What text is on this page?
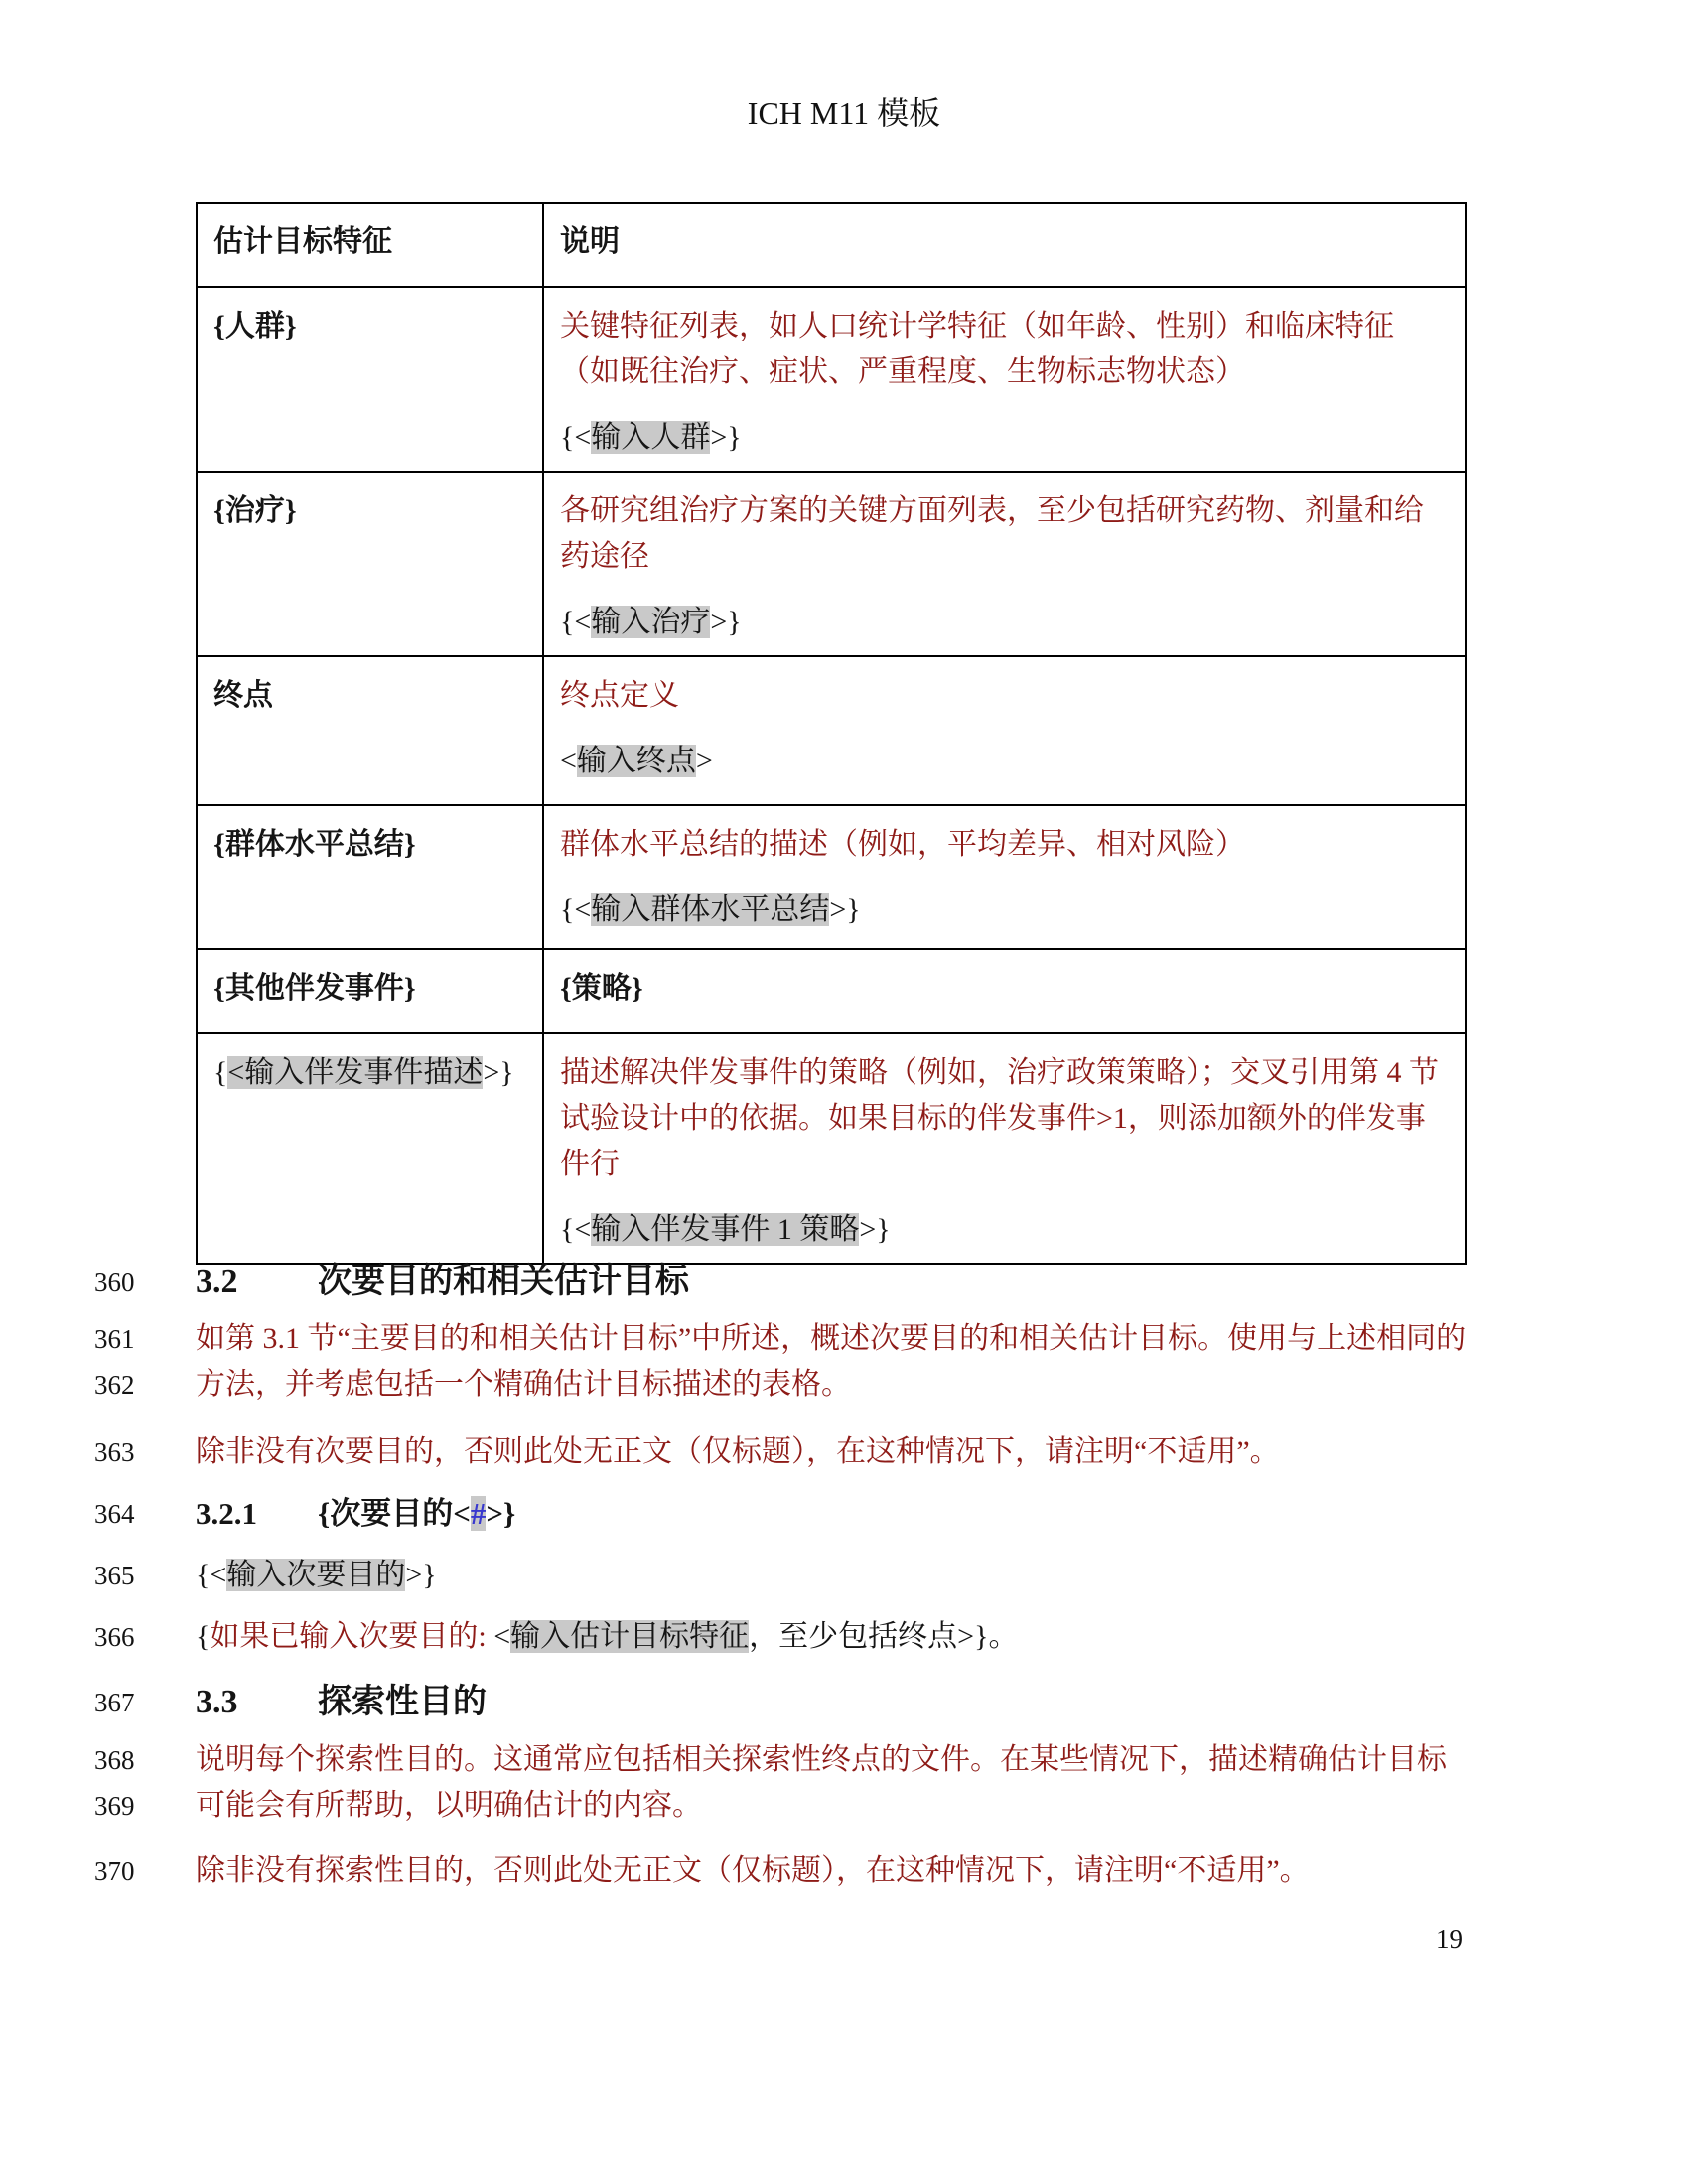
ICH M11 模板
估计目标特征	说明

{人群}	关键特征列表，如人口统计学特征（如年龄、性别）和临床特征（如既往治疗、症状、严重程度、生物标志物状态）
{<输入人群>}

{治疗}	各研究组治疗方案的关键方面列表，至少包括研究药物、剂量和给药途径
{<输入治疗>}

终点	终点定义
<输入终点>

{群体水平总结}	群体水平总结的描述（例如，平均差异、相对风险）
{<输入群体水平总结>}

{其他伴发事件}	{策略}

{<输入伴发事件描述>}	描述解决伴发事件的策略（例如，治疗政策策略）；交叉引用第 4 节试验设计中的依据。如果目标的伴发事件>1，则添加额外的伴发事件行
{<输入伴发事件 1 策略>}
360 3.2 次要目的和相关估计目标
361
362
如第 3.1 节“主要目的和相关估计目标”中所述，概述次要目的和相关估计目标。使用与上述相同的方法，并考虑包括一个精确估计目标描述的表格。
363 除非没有次要目的，否则此处无正文（仅标题），在这种情况下，请注明“不适用”。
364 3.2.1 {次要目的<#>}
365 {<输入次要目的>}
366 {如果已输入次要目的: <输入估计目标特征，至少包括终点>}。
367 3.3 探索性目的
368
369
说明每个探索性目的。这通常应包括相关探索性终点的文件。在某些情况下，描述精确估计目标可能会有所帮助，以明确估计的内容。
370 除非没有探索性目的，否则此处无正文（仅标题），在这种情况下，请注明“不适用”。
19
